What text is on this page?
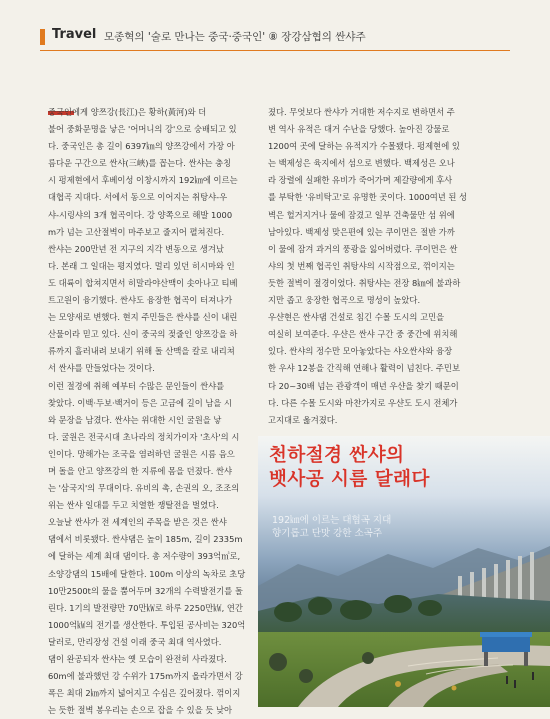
Travel 모종혁의 '술로 만나는 중국·중국인' ⑧ 장강삼협의 싼샤주
중국인에게 양쯔강(長江)은 황하(黃河)와 더
불어 중화문명을 낳은 '어머니의 강'으로 숭배되고 있
다. 중국인은 총 길이 6397㎞의 양쯔강에서 가장 아
름다운 구간으로 싼샤(三峽)를 꼽는다. 싼샤는 충칭
시 펑제현에서 후베이성 이창시까지 192㎞에 이르는
대협곡 지대다. 서에서 동으로 이어지는 취탕샤-우
샤-시링샤의 3개 협곡이다. 강 양쪽으로 해발 1000
m가 넘는 고산절벽이 마주보고 줄지어 펼쳐진다.
싼샤는 200만년 전 지구의 지각 변동으로 생겨났
다. 본래 그 일대는 평지였다. 멀리 있던 히시마와 인
도 대륙이 합쳐지면서 히말라야산맥이 솟아나고 티베
트고원이 융기했다. 싼샤도 융장한 협곡이 터져나가
는 모양새로 변했다. 현지 주민들은 싼샤를 신이 내린
산물이라 믿고 있다. 신이 중국의 젖줄인 양쯔강을 하
류까지 흘러내려 보내기 위해 돌 산맥을 칼로 내리쳐
서 싼샤를 만들었다는 것이다.
이런 절경에 취해 예부터 수많은 문인들이 싼샤를
찾았다. 이백·두보·백거이 등은 고금에 길이 남을 시
와 문장을 남겼다. 싼샤는 위대한 시인 굴원을 낳
다. 굴원은 전국시대 초나라의 정치가이자 '초사'의 시
인이다. 망해가는 조국을 염려하던 굴원은 시름 음으
며 돌을 안고 양쯔강의 한 지류에 몸을 던졌다. 싼샤
는 '삼국지'의 무대이다. 유비의 촉, 손권의 오, 조조의
위는 싼샤 일대를 두고 치열한 쟁탈전을 벌였다.
오늘날 싼샤가 전 세계인의 주목을 받은 것은 싼샤
댐에서 비롯됐다. 싼샤댐은 높이 185m, 길이 2335m
에 달하는 세계 최대 댐이다. 총 저수량이 393억㎥로,
소양강댐의 15배에 달한다. 100m 이상의 녹차로 초당
10만2500t의 물을 뿜어두며 32개의 수력발전기를 돌
린다. 1기의 발전량만 70만㎾로 하루 2250만㎾, 연간
1000억㎾의 전기를 생산한다. 투입된 공사비는 320억
달러로, 만리장성 건설 이래 중국 최대 역사였다.
댐이 완공되자 싼샤는 옛 모습이 완전히 사라졌다.
60m에 불과했던 강 수위가 175m까지 올라가면서 강
폭은 최대 2㎞까지 넓어지고 수심은 깊어졌다. 꺾이지
는 듯한 절벽 봉우리는 손으로 잡을 수 있을 듯 낮아
졌다. 무엇보다 싼샤가 거대한 저수지로 변하면서 주
변 역사 유적은 대거 수난을 당했다. 높아진 강물로
1200여 곳에 달하는 유적지가 수몰됐다. 펑제현에 있
는 백제성은 육지에서 섬으로 변했다. 백제성은 오나
라 장렬에 실패한 유비가 죽어가며 제갈량에게 후사
를 부탁한 '유비탁고'로 유명한 곳이다. 1000여년 된 성
벽은 헐거지거나 물에 잠겼고 일부 건축물만 섬 위에
남아있다. 백제성 맞은편에 있는 쿠이먼은 절반 가까
이 물에 잠겨 과거의 풍광을 잃어버렸다. 쿠이먼은 싼
샤의 첫 번째 협곡인 취탕샤의 시작점으로, 꺾이지는
듯한 절벽이 절경이었다. 취탕샤는 전장 8㎞에 불과하
지만 좁고 웅장한 협곡으로 명성이 높았다.
우샨현은 싼샤댐 건설로 침긴 수몰 도시의 고민을
여실히 보여준다. 우샨은 싼샤 구간 중 중간에 위치해
있다. 싼샤의 정수만 모아놓았다는 샤오싼샤와 융장
한 우샤 12봉을 간직해 연해나 활력이 넘친다. 주민보
다 20~30배 넘는 관광객이 매년 우샨을 찾기 때문이
다. 다른 수몰 도시와 마찬가지로 우샨도 도시 전체가
고지대로 옮겨졌다.
천하절경 싼샤의
뱃사공 시름 달래다
192㎞에 이르는 대협곡 지대
향기롭고 단맛 강한 소곡주
